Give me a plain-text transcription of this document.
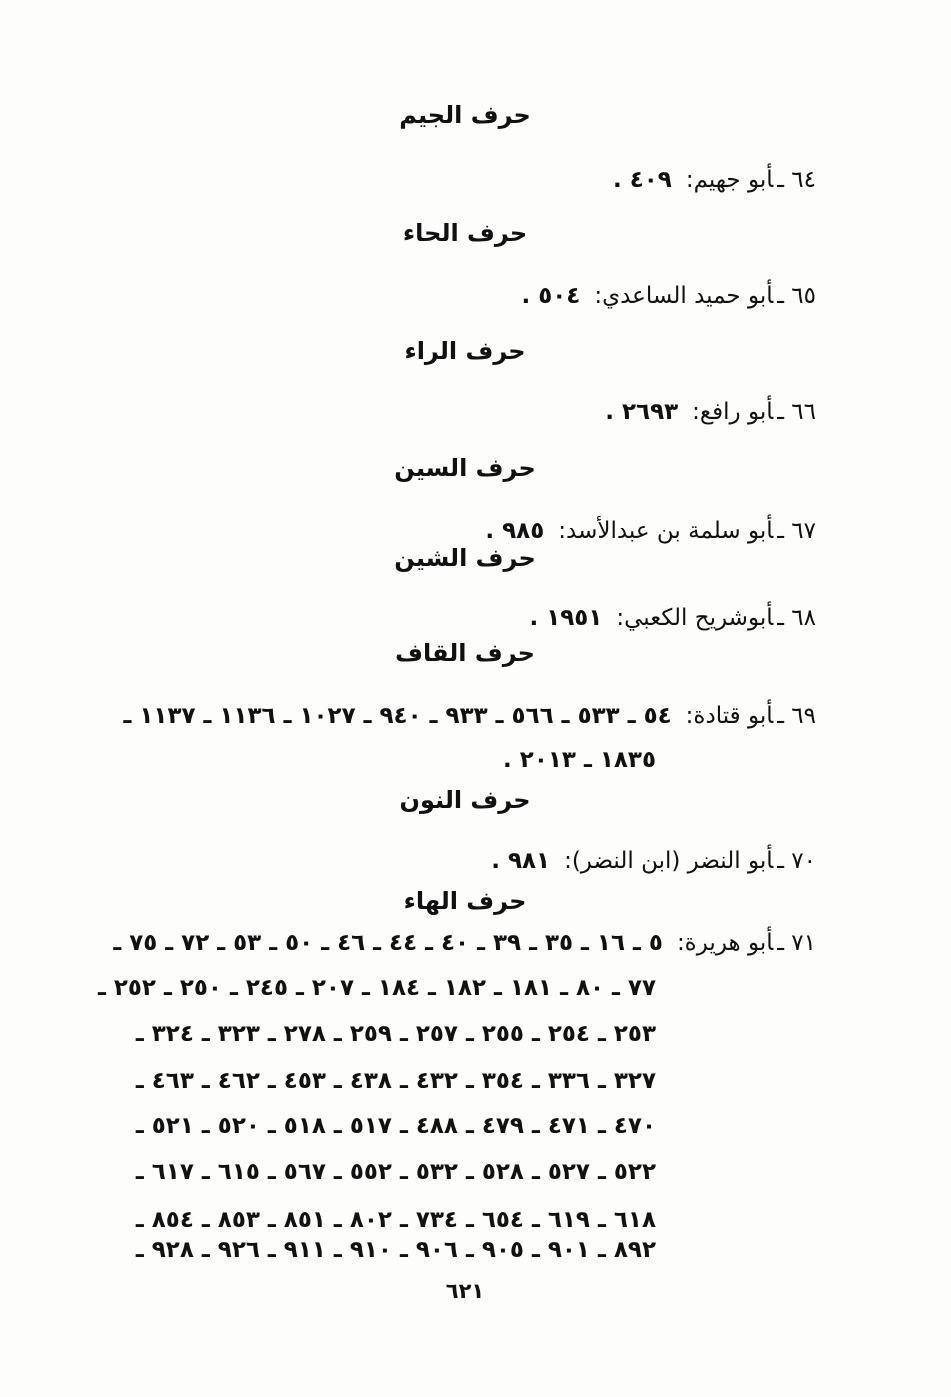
حرف الجيم
٦٤ـأبو جهيم:٤٠٩ .
حرف الحاء
٦٥ـأبو حميد الساعدي:٥٠٤ .
حرف الراء
٦٦ـأبو رافع:٢٦٩٣ .
حرف السين
٦٧ـأبو سلمة بن عبدالأسد:٩٨٥ .
حرف الشين
٦٨ـأبوشريح الكعبي:١٩٥١ .
حرف القاف
٦٩ـأبو قتادة:٥٤ ـ ٥٣٣ ـ ٥٦٦ ـ ٩٣٣ ـ ٩٤٠ ـ ١٠٢٧ ـ ١١٣٦ ـ ١١٣٧ ـ
١٨٣٥ ـ ٢٠١٣ .
حرف النون
٧٠ـأبو النضر (ابن النضر):٩٨١ .
حرف الهاء
٧١ـأبو هريرة:٥ ـ ١٦ ـ ٣٥ ـ ٣٩ ـ ٤٠ ـ ٤٤ ـ ٤٦ ـ ٥٠ ـ ٥٣ ـ ٧٢ ـ ٧٥ ـ
٧٧ ـ ٨٠ ـ ١٨١ ـ ١٨٢ ـ ١٨٤ ـ ٢٠٧ ـ ٢٤٥ ـ ٢٥٠ ـ ٢٥٢ ـ
٢٥٣ ـ ٢٥٤ ـ ٢٥٥ ـ ٢٥٧ ـ ٢٥٩ ـ ٢٧٨ ـ ٣٢٣ ـ ٣٢٤ ـ
٣٢٧ ـ ٣٣٦ ـ ٣٥٤ ـ ٤٣٢ ـ ٤٣٨ ـ ٤٥٣ ـ ٤٦٢ ـ ٤٦٣ ـ
٤٧٠ ـ ٤٧١ ـ ٤٧٩ ـ ٤٨٨ ـ ٥١٧ ـ ٥١٨ ـ ٥٢٠ ـ ٥٢١ ـ
٥٢٢ ـ ٥٢٧ ـ ٥٢٨ ـ ٥٣٢ ـ ٥٥٢ ـ ٥٦٧ ـ ٦١٥ ـ ٦١٧ ـ
٦١٨ ـ ٦١٩ ـ ٦٥٤ ـ ٧٣٤ ـ ٨٠٢ ـ ٨٥١ ـ ٨٥٣ ـ ٨٥٤ ـ
٨٩٢ ـ ٩٠١ ـ ٩٠٥ ـ ٩٠٦ ـ ٩١٠ ـ ٩١١ ـ ٩٢٦ ـ ٩٢٨ ـ
٦٢١
